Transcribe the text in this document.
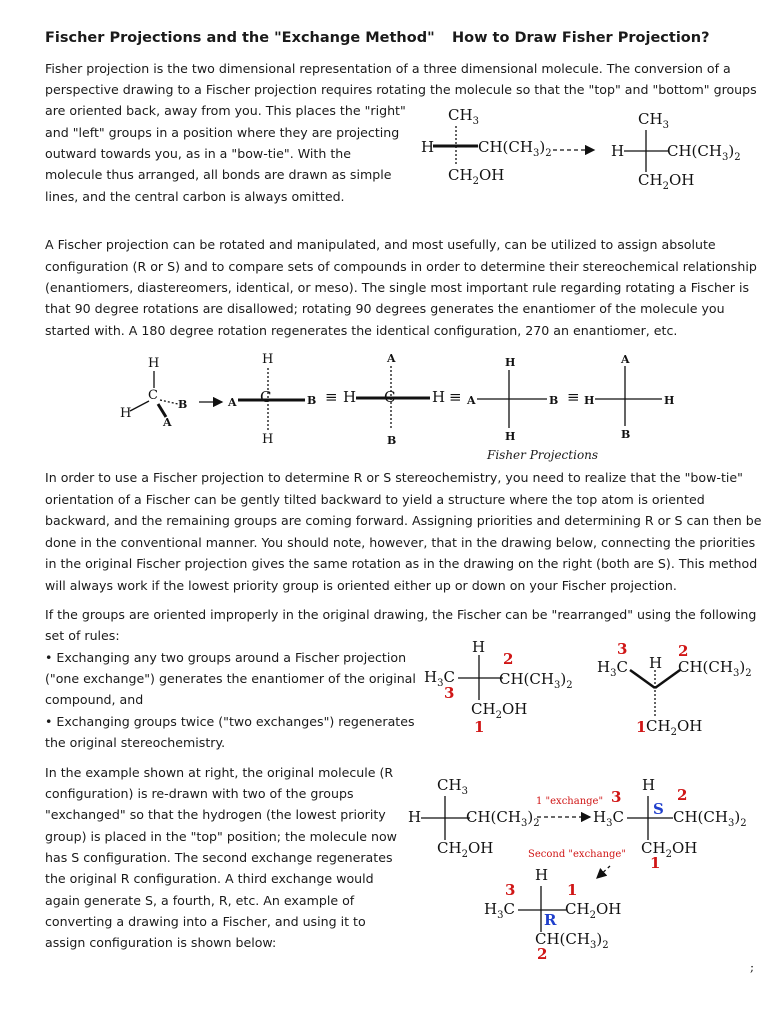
Fischer Projections and the "Exchange Method" How to Draw Fisher Projection?
Fisher projection is the two dimensional representation of a three dimensional molecule. The conversion of a
perspective drawing to a Fischer projection requires rotating the molecule so that the "top" and "bottom" groups
are oriented back, away from you. This places the "right"
and "left" groups in a position where they are projecting
outward towards you, as in a "bow-tie". With the
molecule thus arranged, all bonds are drawn as simple
lines, and the central carbon is always omitted.
$CH_3$
H	$CH(CH_3)_2$
$CH_2OH$
$CH_3$
H	$CH(CH_3)_2$
$CH_2OH$
A Fischer projection can be rotated and manipulated, and most usefully, can be utilized to assign absolute
configuration (R or S) and to compare sets of compounds in order to determine their stereochemical relationship
(enantiomers, diastereomers, identical, or meso). The single most important rule regarding rotating a Fischer is
that 90 degree rotations are disallowed; rotating 90 degrees generates the enantiomer of the molecule you
started with. A 180 degree rotation regenerates the identical configuration, 270 an enantiomer, etc.
H
C
B
H
A
A C	B
H
H
≡ H C H
A
B
≡ A
H
B
H
≡ H
A
H
B
Fisher Projections
In order to use a Fischer projection to determine R or S stereochemistry, you need to realize that the "bow-tie"
orientation of a Fischer can be gently tilted backward to yield a structure where the top atom is oriented
backward, and the remaining groups are coming forward. Assigning priorities and determining R or S can then be
done in the conventional manner. You should note, however, that in the drawing below, connecting the priorities
in the original Fischer projection gives the same rotation as in the drawing on the right (both are S). This method
will always work if the lowest priority group is oriented either up or down on your Fischer projection.
If the groups are oriented improperly in the original drawing, the Fischer can be "rearranged" using the following
set of rules:
• Exchanging any two groups around a Fischer projection
("one exchange") generates the enantiomer of the original
compound, and
• Exchanging groups twice ("two exchanges") regenerates
the original stereochemistry.
H
2
$H_3C$
3
$CH(CH_3)_2$
$CH_2OH$
1
3	2
$H_3C$ H $CH(CH_3)_2$
1 $CH_2OH$
In the example shown at right, the original molecule (R
configuration) is re-drawn with two of the groups
"exchanged" so that the hydrogen (the lowest priority
group) is placed in the "top" position; the molecule now
has S configuration. The second exchange regenerates
the original R configuration. A third exchange would
again generate S, a fourth, R, etc. An example of
converting a drawing into a Fischer, and using it to
assign configuration is shown below:
$CH_3$
H	$CH(CH_3)_2$
$CH_2OH$
1 "exchange"
$H_3C$
3
H
2
S $CH(CH_3)_2$
$CH_2OH$
1
Second "exchange"
H
3	1
$H_3C$	$CH_2OH$
R
$CH(CH_3)_2$
2
;
